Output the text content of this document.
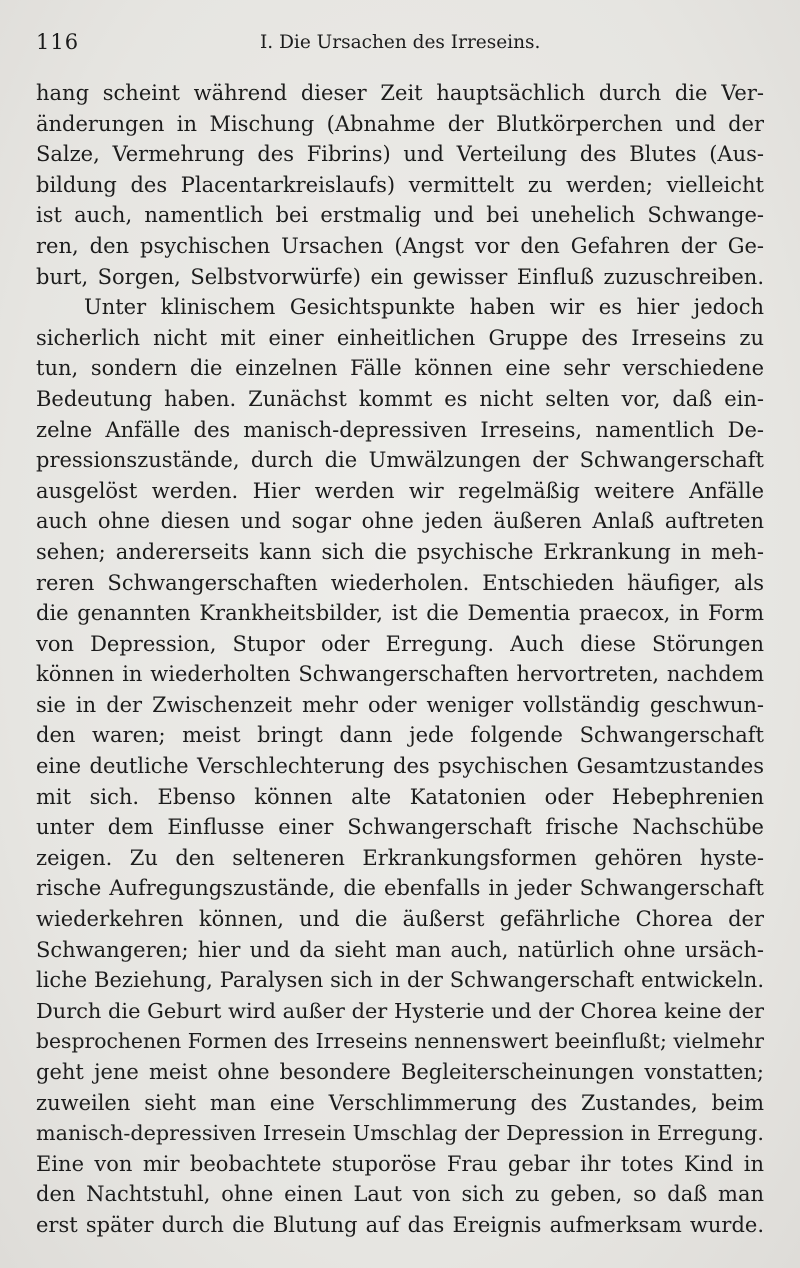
116	I. Die Ursachen des Irreseins.
hang scheint während dieser Zeit hauptsächlich durch die Ver-
änderungen in Mischung (Abnahme der Blutkörperchen und der
Salze, Vermehrung des Fibrins) und Verteilung des Blutes (Aus-
bildung des Placentarkreislaufs) vermittelt zu werden; vielleicht
ist auch, namentlich bei erstmalig und bei unehelich Schwange-
ren, den psychischen Ursachen (Angst vor den Gefahren der Ge-
burt, Sorgen, Selbstvorwürfe) ein gewisser Einfluß zuzuschreiben.
Unter klinischem Gesichtspunkte haben wir es hier jedoch
sicherlich nicht mit einer einheitlichen Gruppe des Irreseins zu
tun, sondern die einzelnen Fälle können eine sehr verschiedene
Bedeutung haben. Zunächst kommt es nicht selten vor, daß ein-
zelne Anfälle des manisch-depressiven Irreseins, namentlich De-
pressionszustände, durch die Umwälzungen der Schwangerschaft
ausgelöst werden. Hier werden wir regelmäßig weitere Anfälle
auch ohne diesen und sogar ohne jeden äußeren Anlaß auftreten
sehen; andererseits kann sich die psychische Erkrankung in meh-
reren Schwangerschaften wiederholen. Entschieden häufiger, als
die genannten Krankheitsbilder, ist die Dementia praecox, in Form
von Depression, Stupor oder Erregung. Auch diese Störungen
können in wiederholten Schwangerschaften hervortreten, nachdem
sie in der Zwischenzeit mehr oder weniger vollständig geschwun-
den waren; meist bringt dann jede folgende Schwangerschaft
eine deutliche Verschlechterung des psychischen Gesamtzustandes
mit sich. Ebenso können alte Katatonien oder Hebephrenien
unter dem Einflusse einer Schwangerschaft frische Nachschübe
zeigen. Zu den selteneren Erkrankungsformen gehören hyste-
rische Aufregungszustände, die ebenfalls in jeder Schwangerschaft
wiederkehren können, und die äußerst gefährliche Chorea der
Schwangeren; hier und da sieht man auch, natürlich ohne ursäch-
liche Beziehung, Paralysen sich in der Schwangerschaft entwickeln.
Durch die Geburt wird außer der Hysterie und der Chorea keine der
besprochenen Formen des Irreseins nennenswert beeinflußt; vielmehr
geht jene meist ohne besondere Begleiterscheinungen vonstatten;
zuweilen sieht man eine Verschlimmerung des Zustandes, beim
manisch-depressiven Irresein Umschlag der Depression in Erregung.
Eine von mir beobachtete stuporöse Frau gebar ihr totes Kind in
den Nachtstuhl, ohne einen Laut von sich zu geben, so daß man
erst später durch die Blutung auf das Ereignis aufmerksam wurde.
